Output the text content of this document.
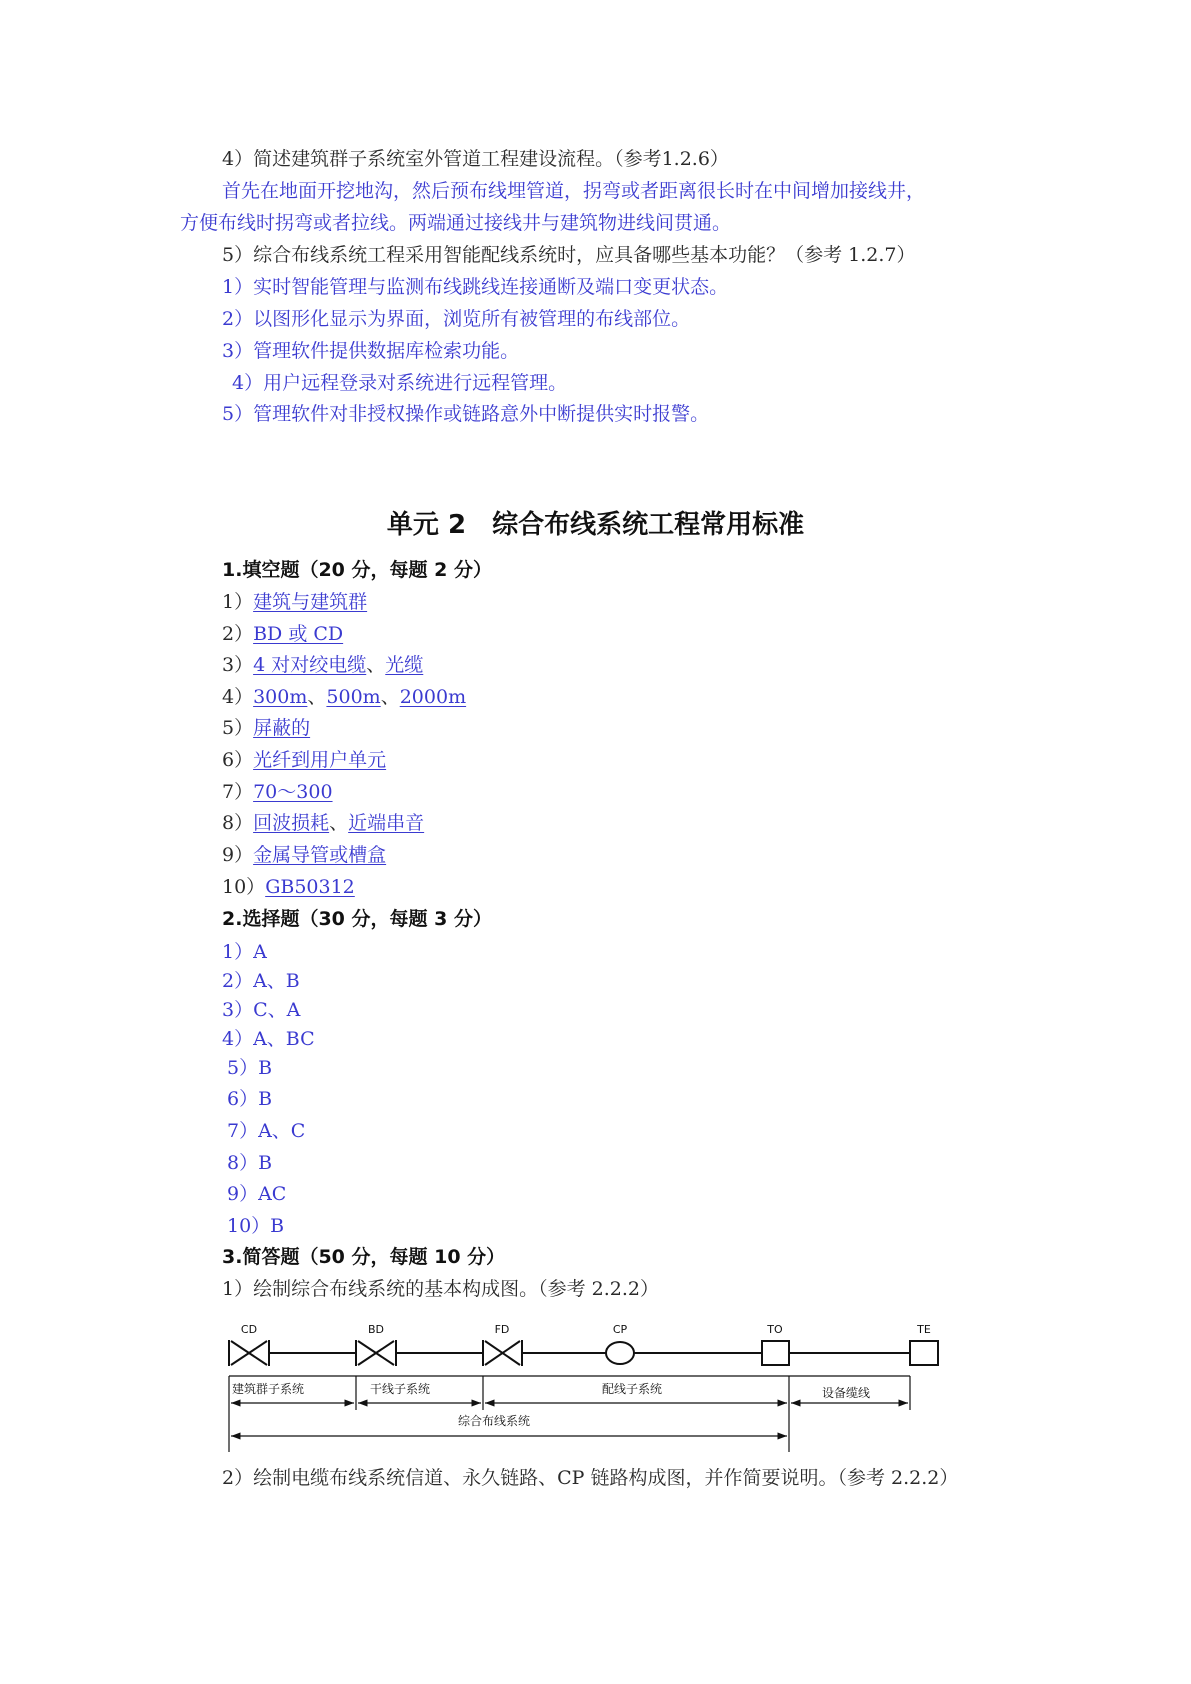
4）简述建筑群子系统室外管道工程建设流程。（参考1.2.6）
首先在地面开挖地沟，然后预布线埋管道，拐弯或者距离很长时在中间增加接线井，
方便布线时拐弯或者拉线。两端通过接线井与建筑物进线间贯通。
5）综合布线系统工程采用智能配线系统时，应具备哪些基本功能？（参考 1.2.7）
1）实时智能管理与监测布线跳线连接通断及端口变更状态。
2）以图形化显示为界面，浏览所有被管理的布线部位。
3）管理软件提供数据库检索功能。
4）用户远程登录对系统进行远程管理。
5）管理软件对非授权操作或链路意外中断提供实时报警。
单元 2　综合布线系统工程常用标准
1.填空题（20 分，每题 2 分）
1）建筑与建筑群
2）BD 或 CD
3）4 对对绞电缆、光缆
4）300m、500m、2000m
5）屏蔽的
6）光纤到用户单元
7）70～300
8）回波损耗、近端串音
9）金属导管或槽盒
10）GB50312
2.选择题（30 分，每题 3 分）
1）A
2）A、B
3）C、A
4）A、BC
5）B
6）B
7）A、C
8）B
9）AC
10）B
3.简答题（50 分，每题 10 分）
1）绘制综合布线系统的基本构成图。（参考 2.2.2）
CD	BD	FD	CP	TO	TE
建筑群子系统	干线子系统	配线子系统	设备缆线
综合布线系统
2）绘制电缆布线系统信道、永久链路、CP 链路构成图，并作简要说明。（参考 2.2.2）
